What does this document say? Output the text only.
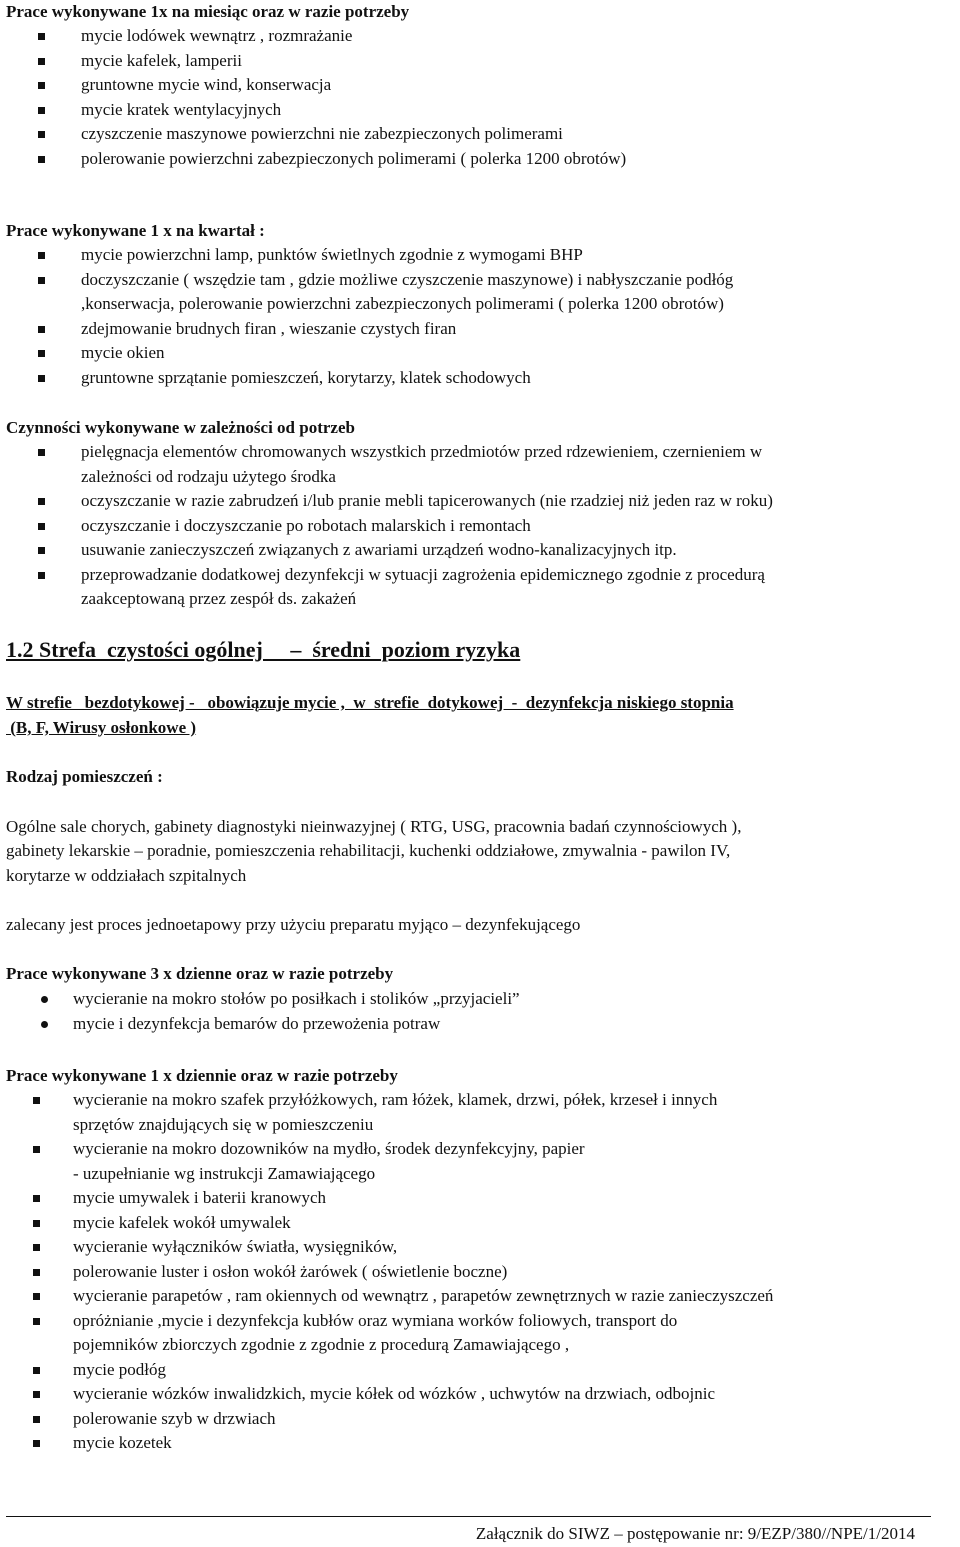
Prace wykonywane 1x na miesiąc oraz w razie potrzeby
mycie lodówek wewnątrz , rozmrażanie
mycie kafelek, lamperii
gruntowne mycie wind, konserwacja
mycie kratek wentylacyjnych
czyszczenie maszynowe powierzchni nie zabezpieczonych polimerami
polerowanie powierzchni zabezpieczonych polimerami ( polerka 1200 obrotów)
Prace wykonywane 1 x na kwartał :
mycie powierzchni lamp, punktów świetlnych zgodnie z wymogami BHP
doczyszczanie ( wszędzie tam , gdzie możliwe czyszczenie maszynowe) i nabłyszczanie podłóg
,konserwacja, polerowanie powierzchni zabezpieczonych polimerami ( polerka 1200 obrotów)
zdejmowanie brudnych firan , wieszanie czystych firan
mycie okien
gruntowne sprzątanie pomieszczeń, korytarzy, klatek schodowych
Czynności wykonywane w zależności od potrzeb
pielęgnacja elementów chromowanych wszystkich przedmiotów przed rdzewieniem, czernieniem w
zależności od rodzaju użytego środka
oczyszczanie w razie zabrudzeń i/lub pranie mebli tapicerowanych (nie rzadziej niż jeden raz w roku)
oczyszczanie i doczyszczanie po robotach malarskich i remontach
usuwanie zanieczyszczeń związanych z awariami urządzeń wodno-kanalizacyjnych itp.
przeprowadzanie dodatkowej dezynfekcji w sytuacji zagrożenia epidemicznego zgodnie z procedurą
zaakceptowaną przez zespół ds. zakażeń
1.2 Strefa  czystości ogólnej     –  średni  poziom ryzyka
W strefie   bezdotykowej -   obowiązuje mycie ,  w  strefie  dotykowej  -  dezynfekcja niskiego stopnia
(B, F, Wirusy osłonkowe )
Rodzaj pomieszczeń :
Ogólne sale chorych, gabinety diagnostyki nieinwazyjnej ( RTG, USG, pracownia badań czynnościowych ),
gabinety lekarskie – poradnie, pomieszczenia rehabilitacji, kuchenki oddziałowe, zmywalnia - pawilon IV,
korytarze w oddziałach szpitalnych
zalecany jest proces jednoetapowy przy użyciu preparatu myjąco – dezynfekującego
Prace wykonywane 3 x dzienne oraz w razie potrzeby
wycieranie na mokro stołów po posiłkach i stolików „przyjacieli”
mycie i dezynfekcja bemarów do przewożenia potraw
Prace wykonywane 1 x dziennie oraz w razie potrzeby
wycieranie na mokro szafek przyłóżkowych, ram łóżek, klamek, drzwi, półek, krzeseł i innych
sprzętów znajdujących się w pomieszczeniu
wycieranie na mokro dozowników na mydło, środek dezynfekcyjny, papier
- uzupełnianie wg instrukcji Zamawiającego
mycie umywalek i baterii kranowych
mycie kafelek wokół umywalek
wycieranie wyłączników światła, wysięgników,
polerowanie luster i osłon wokół żarówek ( oświetlenie boczne)
wycieranie parapetów , ram okiennych od wewnątrz , parapetów zewnętrznych w razie zanieczyszczeń
opróżnianie ,mycie i dezynfekcja kubłów oraz wymiana worków foliowych, transport do
pojemników zbiorczych zgodnie z zgodnie z procedurą Zamawiającego ,
mycie podłóg
wycieranie wózków inwalidzkich, mycie kółek od wózków , uchwytów na drzwiach, odbojnic
polerowanie szyb w drzwiach
mycie kozetek
Załącznik do SIWZ – postępowanie nr: 9/EZP/380//NPE/1/2014
